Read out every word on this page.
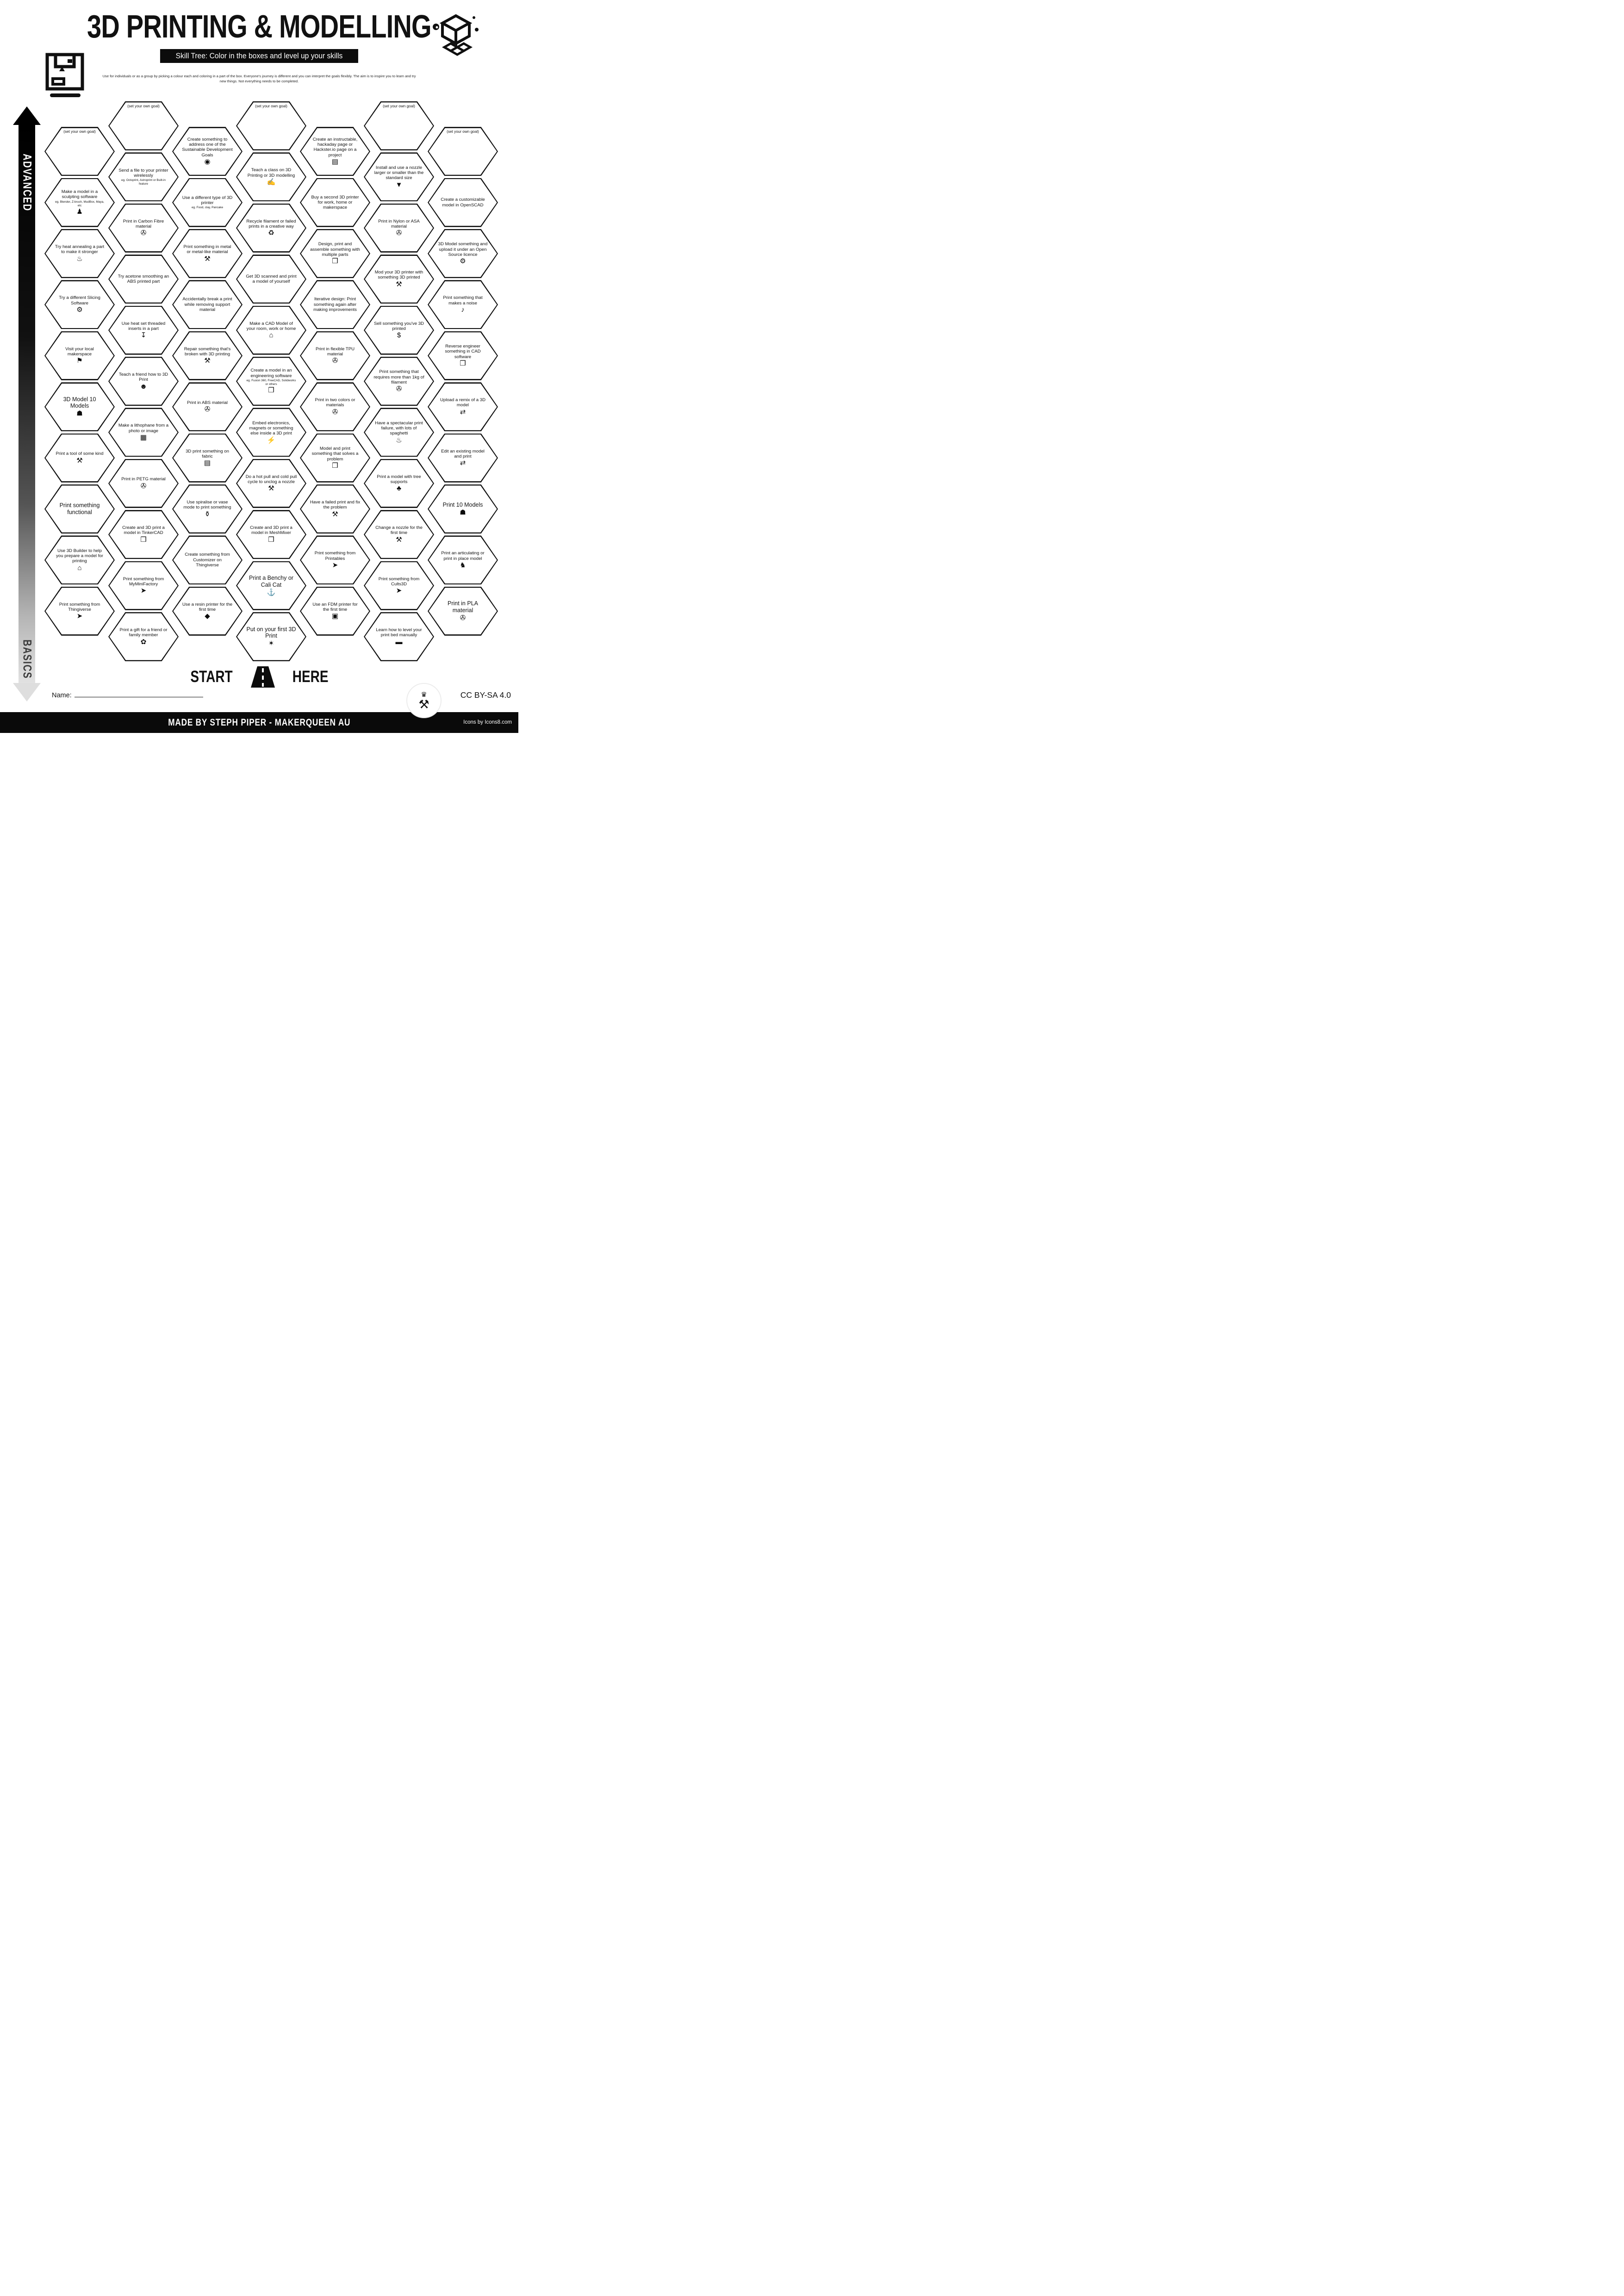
3D PRINTING & MODELLING
Skill Tree: Color in the boxes and level up your skills
Use for individuals or as a group by picking a colour each and coloring in a part of the box. Everyone's journey is different and you can interpret the goals flexibly. The aim is to inspire you to learn and try new things. Not everything needs to be completed.
ADVANCED
BASICS
(set your own goal)
Make a model in a sculpting software
eg. Blender, Z-brush, MudBox, Maya, etc
♟
Try heat annealing a part to make it stronger
♨
Try a different Slicing Software
⚙
Visit your local makerspace
⚑
3D Model 10 Models
☗
Print a tool of some kind
⚒
Print something functional
Use 3D Builder to help you prepare a model for printing
⌂
Print something from Thingiverse
➤
(set your own goal)
Send a file to your printer wirelessly
eg. Octoprint, Astroprint or Built-in feature
Print in Carbon Fibre material
✇
Try acetone smoothing an ABS printed part
Use heat set threaded inserts in a part
↧
Teach a friend how to 3D Print
☻
Make a lithophane from a photo or image
▦
Print in PETG material
✇
Create and 3D print a model in TinkerCAD
❒
Print something from MyMiniFactory
➤
Print a gift for a friend or family member
✿
Create something to address one of the Sustainable Development Goals
◉
Use a different type of 3D printer
eg. Food, clay, Pancake
Print something in metal or metal-like material
⚒
Accidentally break a print while removing support material
Repair something that's broken with 3D printing
⚒
Print in ABS material
✇
3D print something on fabric
▤
Use spiralise or vase mode to print something
⚱
Create something from Customizer on Thingiverse
Use a resin printer for the first time
◆
(set your own goal)
Teach a class on 3D Printing or 3D modelling
✍
Recycle filament or failed prints in a creative way
♻
Get 3D scanned and print a model of yourself
Make a CAD Model of your room, work or home
⌂
Create a model in an engineering software
eg. Fusion 360, FreeCAD, Solidworks or others
❒
Embed electronics, magnets or something else inside a 3D print
⚡
Do a hot pull and cold pull cycle to unclog a nozzle
⚒
Create and 3D print a model in MeshMixer
❒
Print a Benchy or Cali Cat
⚓
Put on your first 3D Print
✶
Create an instructable, hackaday page or Hackster.io page on a project
▤
Buy a second 3D printer for work, home or makerspace
Design, print and assemble something with multiple parts
❒
Iterative design: Print something again after making improvements
Print in flexible TPU material
✇
Print in two colors or materials
✇
Model and print something that solves a problem
❒
Have a failed print and fix the problem
⚒
Print something from Printables
➤
Use an FDM printer for the first time
▣
(set your own goal)
Install and use a nozzle larger or smaller than the standard size
▼
Print in Nylon or ASA material
✇
Mod your 3D printer with something 3D printed
⚒
Sell something you've 3D printed
$
Print something that requires more than 1kg of filament
✇
Have a spectacular print failure, with lots of spaghetti
♨
Print a model with tree supports
♣
Change a nozzle for the first time
⚒
Print something from Cults3D
➤
Learn how to level your print bed manually
▬
(set your own goal)
Create a customizable model in OpenSCAD
3D Model something and upload it under an Open Source licence
⚙
Print something that makes a noise
♪
Reverse engineer something in CAD software
❒
Upload a remix of a 3D model
⇄
Edit an existing model and print
⇄
Print 10 Models
☗
Print an articulating or print in place model
♞
Print in PLA material
✇
START	HERE
Name:	♛
⚒
CC BY-SA 4.0
MADE BY STEPH PIPER - MAKERQUEEN AU	Icons by Icons8.com
